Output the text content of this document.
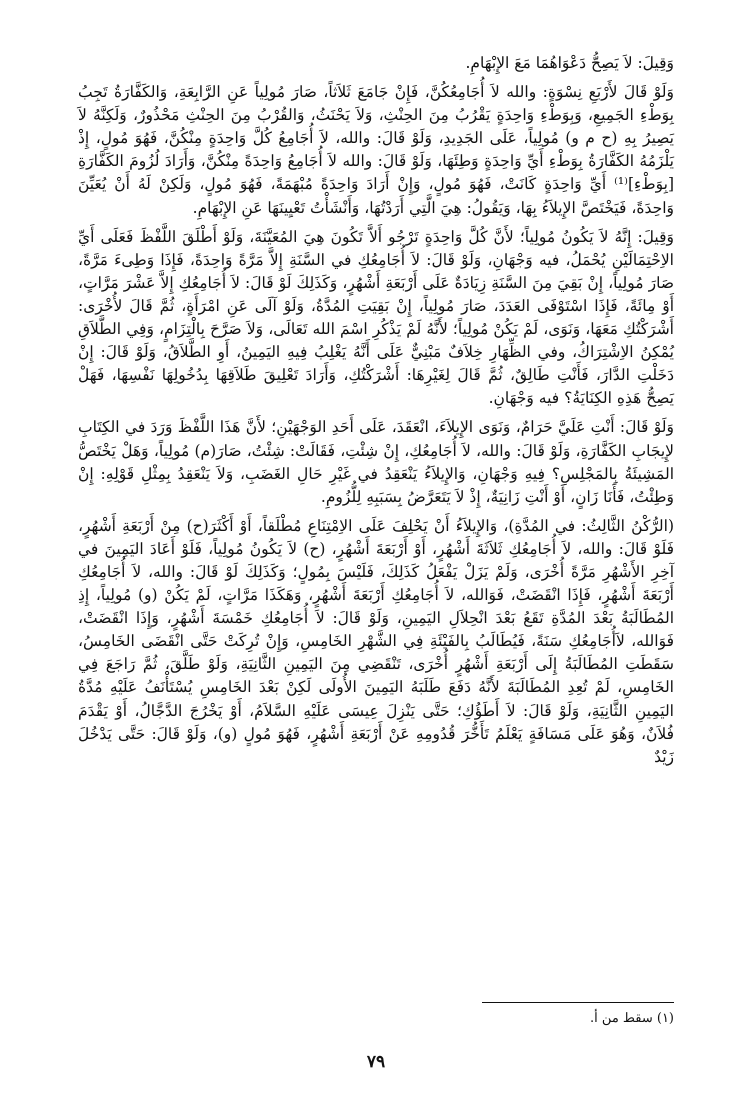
وَقِيلَ: لاَ يَصِحُّ دَعْوَاهُمَا مَعَ الإِبْهَامِ.

وَلَوْ قَالَ لأَرْبَعِ نِسْوَةٍ: والله لاَ أُجَامِعُكُنَّ، فَإِنْ جَامَعَ ثَلاَثاً، صَارَ مُولِياً عَنِ الرَّابِعَةِ، وَالكَفَّارَةُ تَجِبُ بِوَطْءِ الجَمِيعِ، وَبِوَطْءِ وَاحِدَةٍ يَقْرُبُ مِنَ الحِنْثِ، وَلاَ يَحْنَثُ، وَالقُرْبُ مِنَ الحِنْثِ مَحْذُورٌ، وَلَكِنَّهُ لاَ يَصِيرُ بِهِ (ح م و) مُولِياً، عَلَى الجَدِيدِ، وَلَوْ قَالَ: والله، لاَ أُجَامِعُ كُلَّ وَاحِدَةٍ مِنْكُنَّ، فَهُوَ مُولٍ، إِذْ يَلْزَمُهُ الكَفَّارَةُ بِوَطْءِ أَيِّ وَاحِدَةٍ وَطِئَهَا، وَلَوْ قَالَ: والله لاَ أُجَامِعُ وَاحِدَةً مِنْكُنَّ، وَأَرَادَ لُزُومَ الكَفَّارَةِ [بِوَطْءِ]⁽¹⁾ أَيِّ وَاحِدَةٍ كَانَتْ، فَهُوَ مُولٍ، وَإِنْ أَرَادَ وَاحِدَةً مُبْهَمَةً، فَهُوَ مُولٍ، وَلَكِنْ لَهُ أَنْ يُعَيِّنَ وَاحِدَةً، فَيَخْتَصَّ الإِيلاَءُ بِهَا، وَيَقُولُ: هِيَ الَّتِي أَرَدْتُهَا، وَأَنْشَأْتُ تَعْيِينَهَا عَنِ الإِبْهَامِ.

وَقِيلَ: إِنَّهُ لاَ يَكُونُ مُولِياً؛ لأَنَّ كُلَّ وَاحِدَةٍ تَرْجُو أَلاَّ تَكُونَ هِيَ المُعَيَّنَةَ، وَلَوْ أَطْلَقَ اللَّفْظَ فَعَلَى أَيِّ الاِحْتِمَالَيْنِ يُحْمَلُ، فيه وَجْهَانِ، وَلَوْ قَالَ: لاَ أُجَامِعُكِ في السَّنَةِ إِلاَّ مَرَّةً وَاحِدَةً، فَإِذَا وَطِىءَ مَرَّةً، صَارَ مُولِياً، إِنْ بَقِيَ مِنَ السَّنَةِ زِيَادَةٌ عَلَى أَرْبَعَةِ أَشْهُرٍ، وَكَذَلِكَ لَوْ قَالَ: لاَ أُجَامِعُكِ إِلاَّ عَشْرَ مَرَّاتٍ، أَوْ مِائَةً، فَإِذَا اسْتَوْفَى العَدَدَ، صَارَ مُولِياً، إِنْ بَقِيَتِ المُدَّةُ، وَلَوْ آلَى عَنِ امْرَأَةٍ، ثُمَّ قَالَ لأُخْرَى: أَشْرَكْتُكِ مَعَهَا، وَنَوَى، لَمْ يَكُنْ مُولِياً؛ لأَنَّهُ لَمْ يَذْكُرِ اسْمَ الله تَعَالَى، وَلاَ صَرَّحَ بِالْتِزَامٍ، وَفِي الطَّلاَقِ يُمْكِنُ الاِشْتِرَاكُ، وفي الظِّهَارِ خِلاَفٌ مَبْنِيٌّ عَلَى أَنَّهُ يَغْلِبُ فِيهِ اليَمِينُ، أَوِ الطَّلاَقُ، وَلَوْ قَالَ: إِنْ دَخَلْتِ الدَّارَ، فَأَنْتِ طَالِقٌ، ثُمَّ قَالَ لِغَيْرِهَا: أَشْرَكْتُكِ، وَأَرَادَ تَعْلِيقَ طَلاَقِهَا بِدُخُولِهَا نَفْسِهَا، فَهَلْ يَصِحُّ هَذِهِ الكِنَايَةُ؟ فيه وَجْهَانِ.

وَلَوْ قَالَ: أَنْتِ عَلَيَّ حَرَامٌ، وَنَوَى الإِيلاَءَ، انْعَقَدَ، عَلَى أَحَدِ الوَجْهَيْنِ؛ لأَنَّ هَذَا اللَّفْظَ وَرَدَ في الكِتَابِ لإِيجَابِ الكَفَّارَةِ، وَلَوْ قَالَ: والله، لاَ أُجَامِعُكِ، إِنْ شِئْتِ، فَقَالَتْ: شِئْتُ، صَارَ(م) مُولِياً، وَهَلْ يَخْتَصُّ المَشِيئَةُ بِالمَجْلِسِ؟ فِيهِ وَجْهَانِ، وَالإِيلاَءُ يَنْعَقِدُ في غَيْرِ حَالِ الغَضَبِ، وَلاَ يَنْعَقِدُ بِمِثْلِ قَوْلِهِ: إِنْ وَطِئْتُ، فَأَنَا زَانٍ، أَوْ أَنْتِ زَانِيَةٌ، إِذْ لاَ يَتَعَرَّضُ بِسَبَبِهِ لِلُّزُومِ.

(الرُّكْنُ الثَّالِثُ: في المُدَّةِ)، وَالإِيلاَءُ أَنْ يَحْلِفَ عَلَى الاِمْتِنَاعِ مُطْلَقاً، أَوْ أَكْثَرَ(ح) مِنْ أَرْبَعَةِ أَشْهُرٍ، فَلَوْ قَالَ: والله، لاَ أُجَامِعُكِ ثَلاَثَةَ أَشْهُرٍ، أَوْ أَرْبَعَةَ أَشْهُرٍ، (ح) لاَ يَكُونُ مُولِياً، فَلَوْ أَعَادَ اليَمِينَ في آخِرِ الأَشْهُرِ مَرَّةً أُخْرَى، وَلَمْ يَزَلْ يَفْعَلُ كَذَلِكَ، فَلَيْسَ بِمُولٍ؛ وَكَذَلِكَ لَوْ قَالَ: والله، لاَ أُجَامِعُكِ أَرْبَعَةَ أَشْهُرٍ، فَإِذَا انْقَضَتْ، فَوَالله، لاَ أُجَامِعُكِ أَرْبَعَةَ أَشْهُرٍ، وَهَكَذَا مَرَّاتٍ، لَمْ يَكُنْ (و) مُولِياً، إِذِ المُطَالَبَةُ بَعْدَ المُدَّةِ تَقَعُ بَعْدَ انْحِلاَلِ اليَمِينِ، وَلَوْ قَالَ: لاَ أُجَامِعُكِ خَمْسَةَ أَشْهُرٍ، وَإِذَا انْقَضَتْ، فَوَالله، لاَأُجَامِعُكِ سَنَةً، فَيُطَالَبُ بِالفَيْئَةِ فِي الشَّهْرِ الخَامِسِ، وَإِنْ تُرِكَتْ حَتَّى انْقَضَى الخَامِسُ، سَقَطَتِ المُطَالَبَةُ إِلَى أَرْبَعَةِ أَشْهُرٍ أُخْرَى، تَنْقَضِي مِنَ اليَمِينِ الثَّانِيَةِ، وَلَوْ طَلَّقَ، ثُمَّ رَاجَعَ فِي الخَامِسِ، لَمْ تُعِدِ المُطَالَبَةَ لأَنَّهُ دَفَعَ طَلَبَهُ اليَمِينَ الأُولَى لَكِنْ بَعْدَ الخَامِسِ يُسْتَأْنَفُ عَلَيْهِ مُدَّةُ اليَمِينِ الثَّانِيَةِ، وَلَوْ قَالَ: لاَ أَطَؤُكِ؛ حَتَّى يَنْزِلَ عِيسَى عَلَيْهِ السَّلاَمُ، أَوْ يَخْرُجَ الدَّجَّالُ، أَوْ يَقْدَمَ فُلاَنٌ، وَهُوَ عَلَى مَسَافَةٍ يَعْلَمُ تَأَخُّرَ قُدُومِهِ عَنْ أَرْبَعَةِ أَشْهُرٍ، فَهُوَ مُولٍ (و)، وَلَوْ قَالَ: حَتَّى يَدْخُلَ زَيْدٌ

(١) سقط من أ.
٧٩
